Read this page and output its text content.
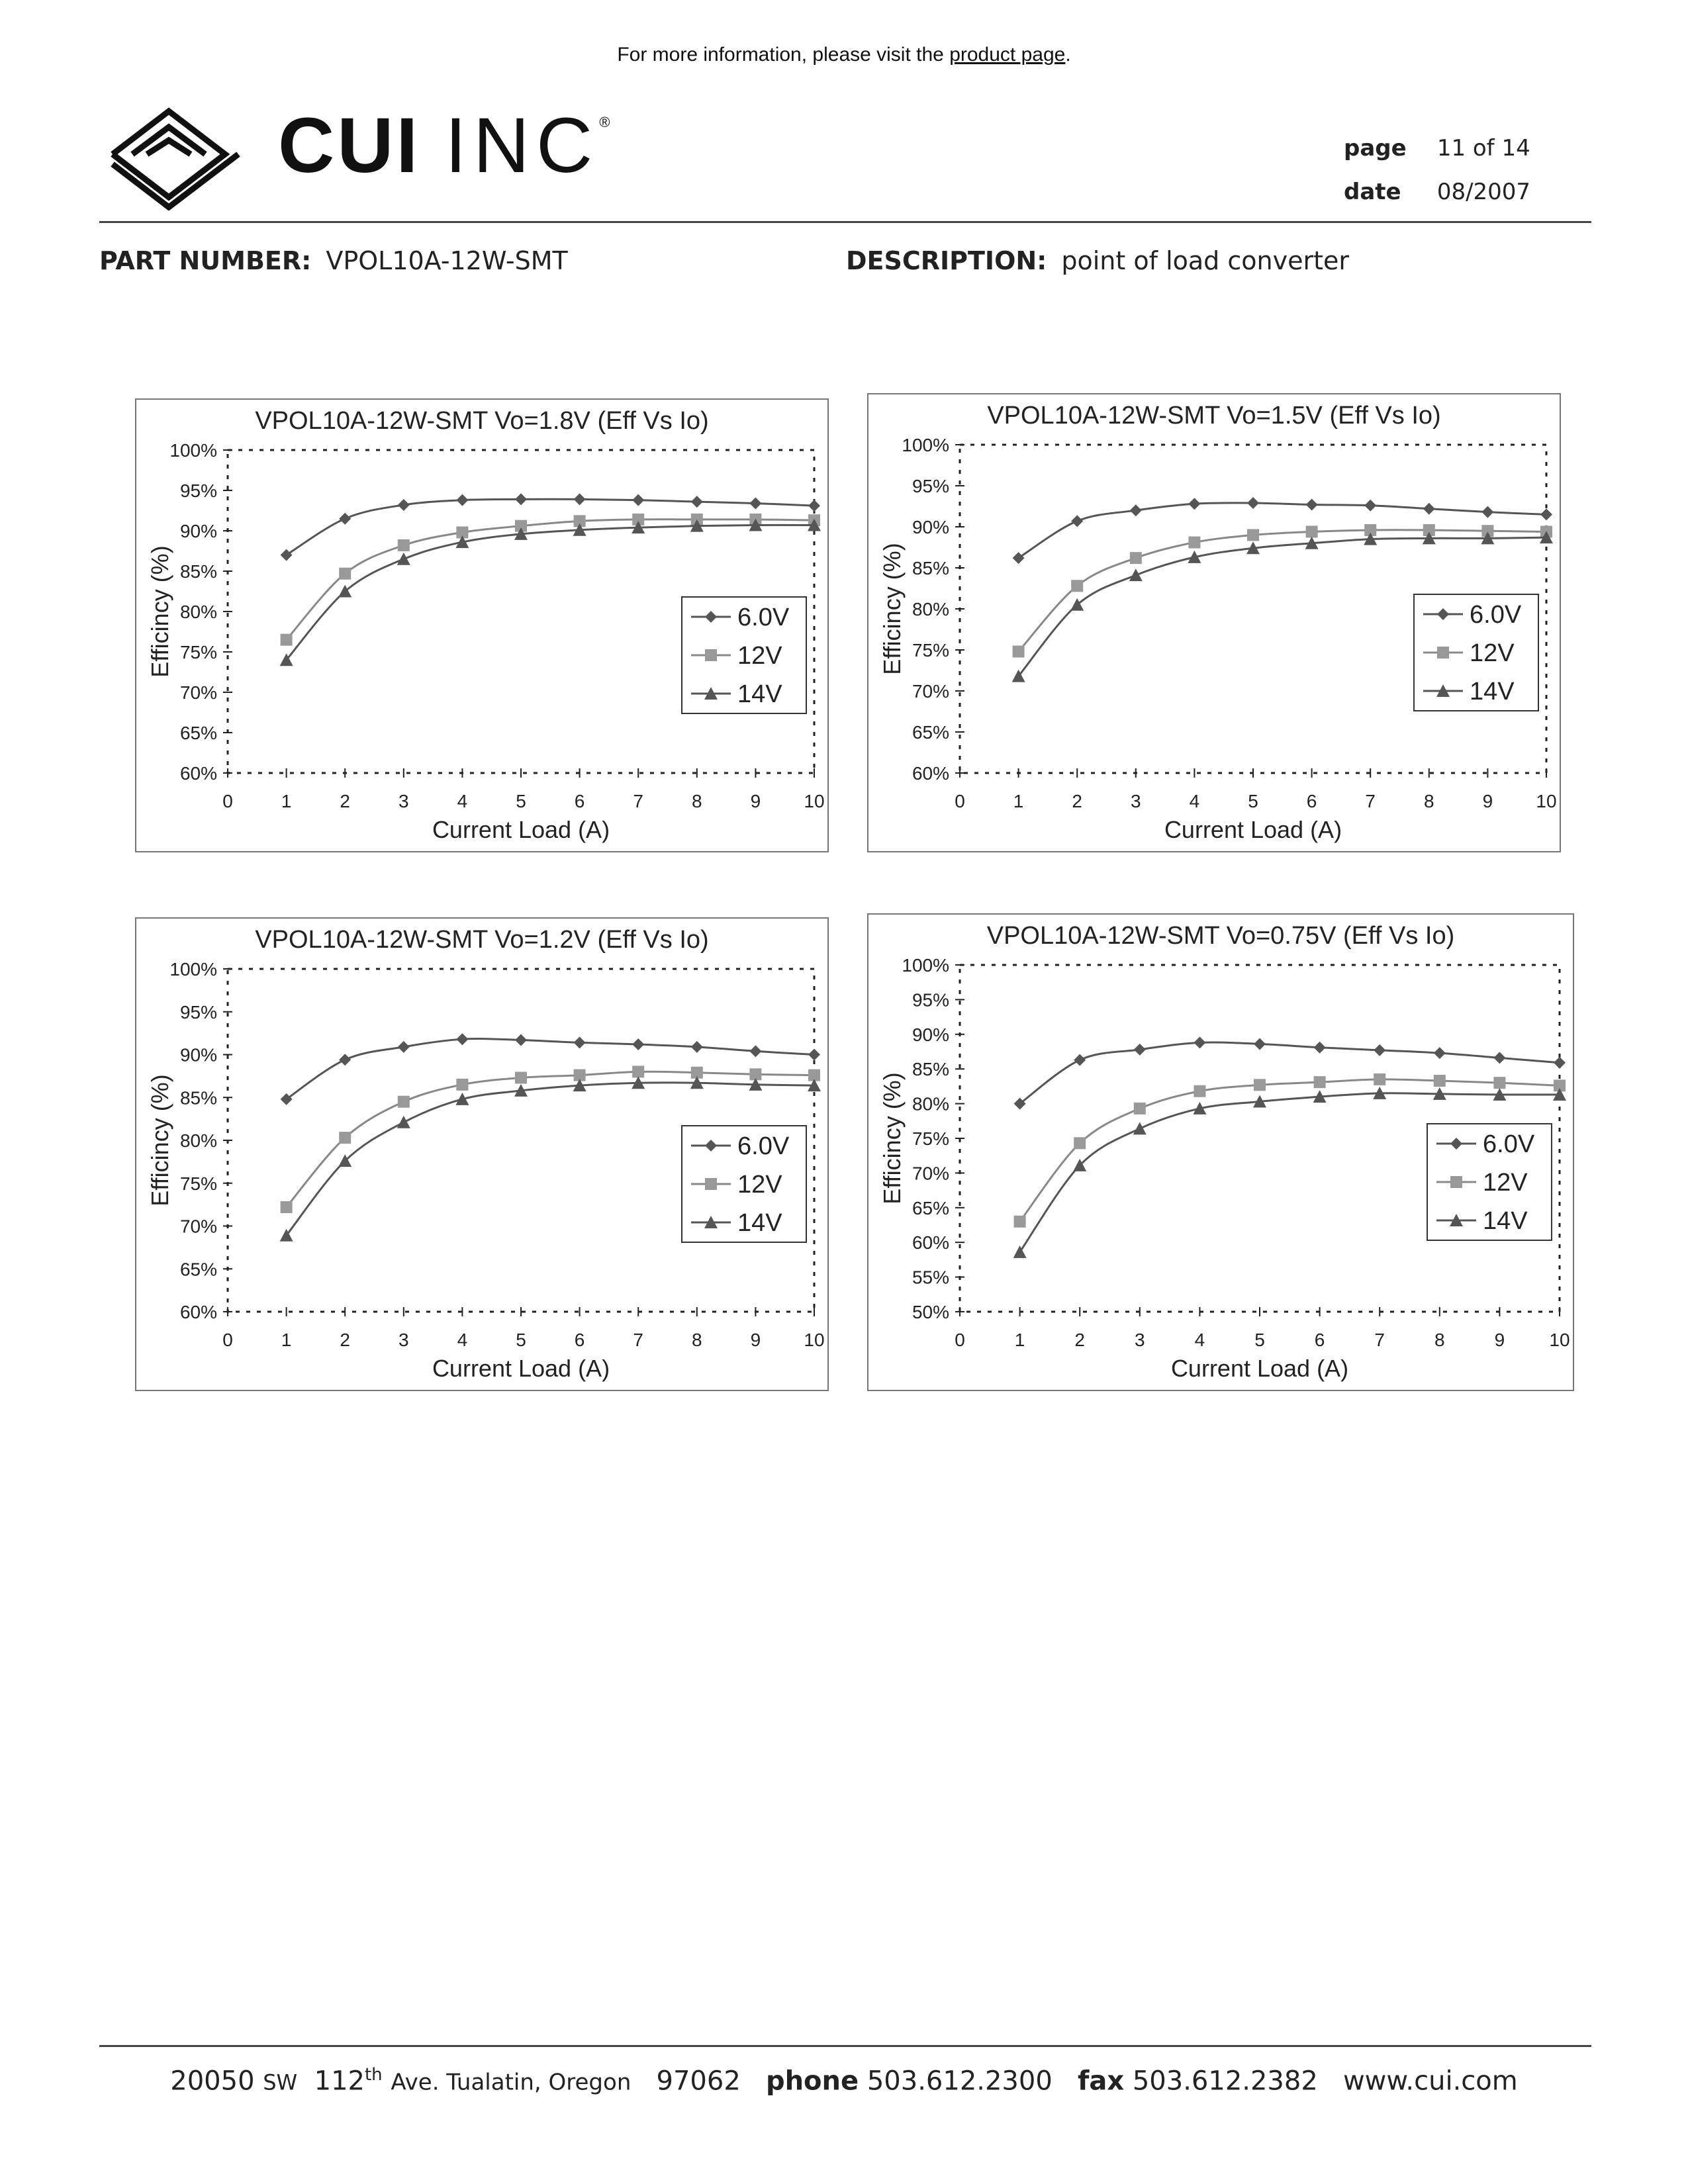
For more information, please visit the product page.
CUI INC®
page 11 of 14
date 08/2007
PART NUMBER: VPOL10A-12W-SMT	DESCRIPTION: point of load converter
VPOL10A-12W-SMT Vo=1.8V (Eff Vs Io)
60%
65%
70%
75%
80%
85%
90%
95%
100%
0	1	2	3	4	5	6	7	8	9 10
Current Load (A)
Efficincy (%)	6.0V
12V
14V
VPOL10A-12W-SMT Vo=1.5V (Eff Vs Io)
60%
65%
70%
75%
80%
85%
90%
95%
100%
0	1	2	3	4	5	6	7	8	9 10
Current Load (A)
Efficincy (%)	6.0V
12V
14V
VPOL10A-12W-SMT Vo=1.2V (Eff Vs Io)
60%
65%
70%
75%
80%
85%
90%
95%
100%
0	1	2	3	4	5	6	7	8	9 10
Current Load (A)
Efficincy (%)	6.0V
12V
14V
VPOL10A-12W-SMT Vo=0.75V (Eff Vs Io)
50%
55%
60%
65%
70%
75%
80%
85%
90%
95%
100%
0	1	2	3	4	5	6	7	8	9 10
Current Load (A)
Efficincy (%)	6.0V
12V
14V
20050 SW 112th Ave. Tualatin, Oregon 97062 phone 503.612.2300 fax 503.612.2382 www.cui.com
